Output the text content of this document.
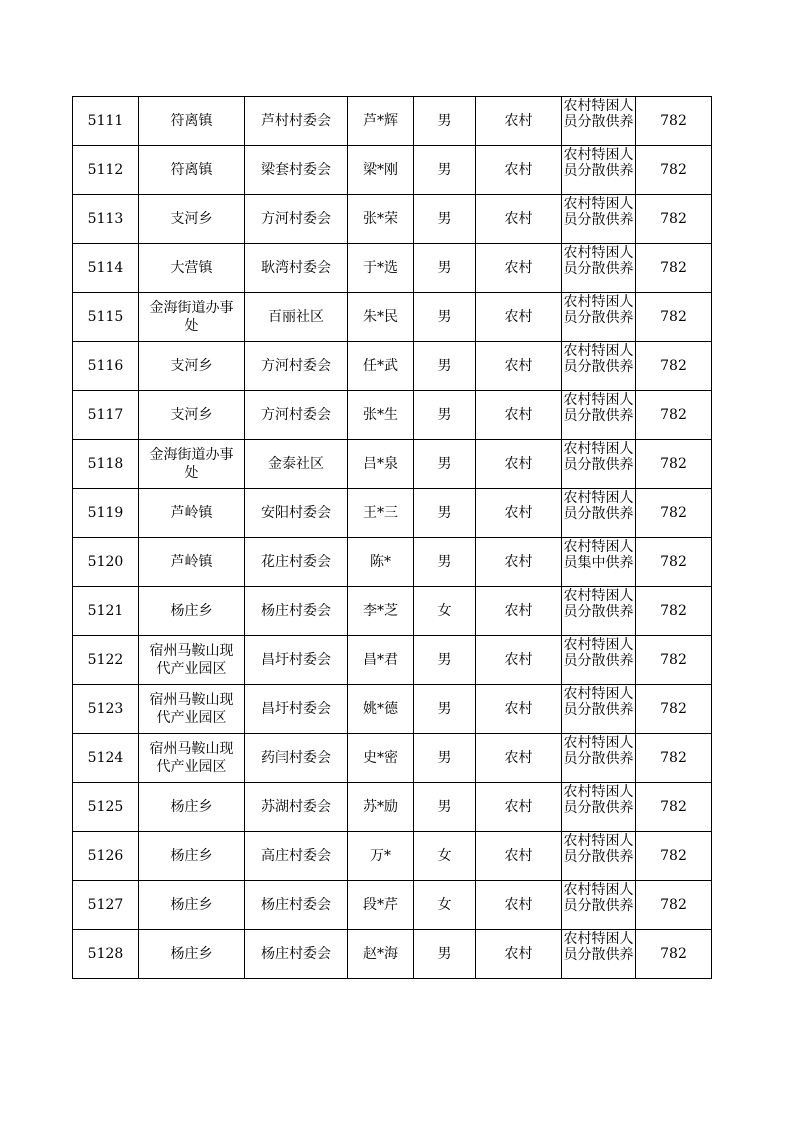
5111	符离镇	芦村村委会	芦*辉	男	农村	农村特困人员分散供养	782
5112	符离镇	梁套村委会	梁*刚	男	农村	农村特困人员分散供养	782
5113	支河乡	方河村委会	张*荣	男	农村	农村特困人员分散供养	782
5114	大营镇	耿湾村委会	于*选	男	农村	农村特困人员分散供养	782
5115	金海街道办事处	百丽社区	朱*民	男	农村	农村特困人员分散供养	782
5116	支河乡	方河村委会	任*武	男	农村	农村特困人员分散供养	782
5117	支河乡	方河村委会	张*生	男	农村	农村特困人员分散供养	782
5118	金海街道办事处	金泰社区	吕*泉	男	农村	农村特困人员分散供养	782
5119	芦岭镇	安阳村委会	王*三	男	农村	农村特困人员分散供养	782
5120	芦岭镇	花庄村委会	陈*	男	农村	农村特困人员集中供养	782
5121	杨庄乡	杨庄村委会	李*芝	女	农村	农村特困人员分散供养	782
5122	宿州马鞍山现代产业园区	昌圩村委会	昌*君	男	农村	农村特困人员分散供养	782
5123	宿州马鞍山现代产业园区	昌圩村委会	姚*德	男	农村	农村特困人员分散供养	782
5124	宿州马鞍山现代产业园区	药闫村委会	史*密	男	农村	农村特困人员分散供养	782
5125	杨庄乡	苏湖村委会	苏*励	男	农村	农村特困人员分散供养	782
5126	杨庄乡	高庄村委会	万*	女	农村	农村特困人员分散供养	782
5127	杨庄乡	杨庄村委会	段*芹	女	农村	农村特困人员分散供养	782
5128	杨庄乡	杨庄村委会	赵*海	男	农村	农村特困人员分散供养	782
